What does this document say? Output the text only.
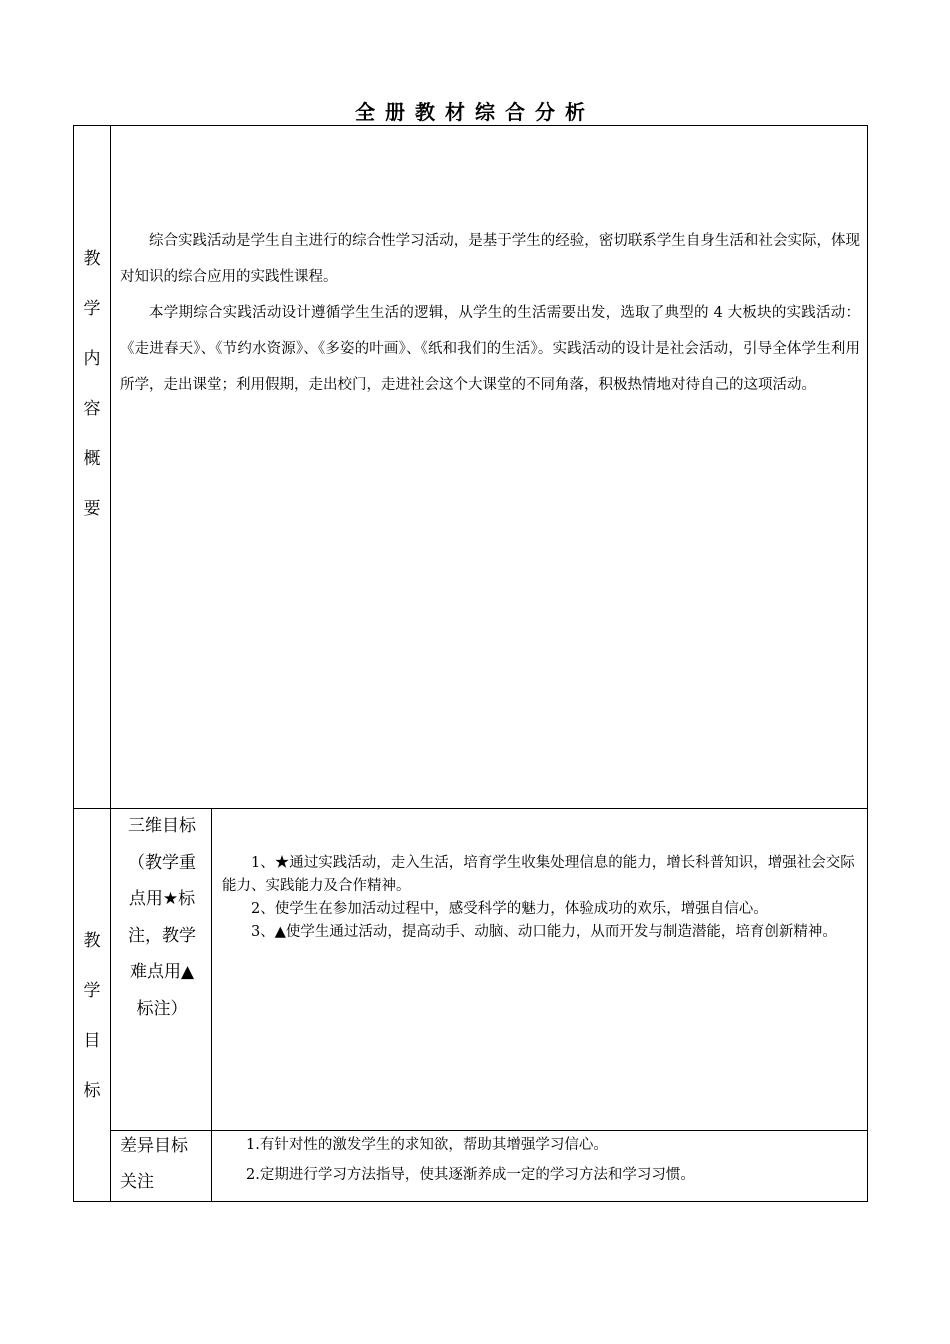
全册教材综合分析
教
学
内
容
概
要

综合实践活动是学生自主进行的综合性学习活动，是基于学生的经验，密切联系学生自身生活和社会实际，体现对知识的综合应用的实践性课程。

本学期综合实践活动设计遵循学生生活的逻辑，从学生的生活需要出发，选取了典型的 4 大板块的实践活动：《走进春天》、《节约水资源》、《多姿的叶画》、《纸和我们的生活》。实践活动的设计是社会活动，引导全体学生利用所学，走出课堂；利用假期，走出校门，走进社会这个大课堂的不同角落，积极热情地对待自己的这项活动。

教
学
目
标
三维目标
（教学重
点用★标
注，教学
难点用▲
标注）

1、★通过实践活动，走入生活，培育学生收集处理信息的能力，增长科普知识，增强社会交际能力、实践能力及合作精神。

2、使学生在参加活动过程中，感受科学的魅力，体验成功的欢乐，增强自信心。

3、▲使学生通过活动，提高动手、动脑、动口能力，从而开发与制造潜能，培育创新精神。

差异目标
关注

1.有针对性的激发学生的求知欲，帮助其增强学习信心。

2.定期进行学习方法指导，使其逐渐养成一定的学习方法和学习习惯。
